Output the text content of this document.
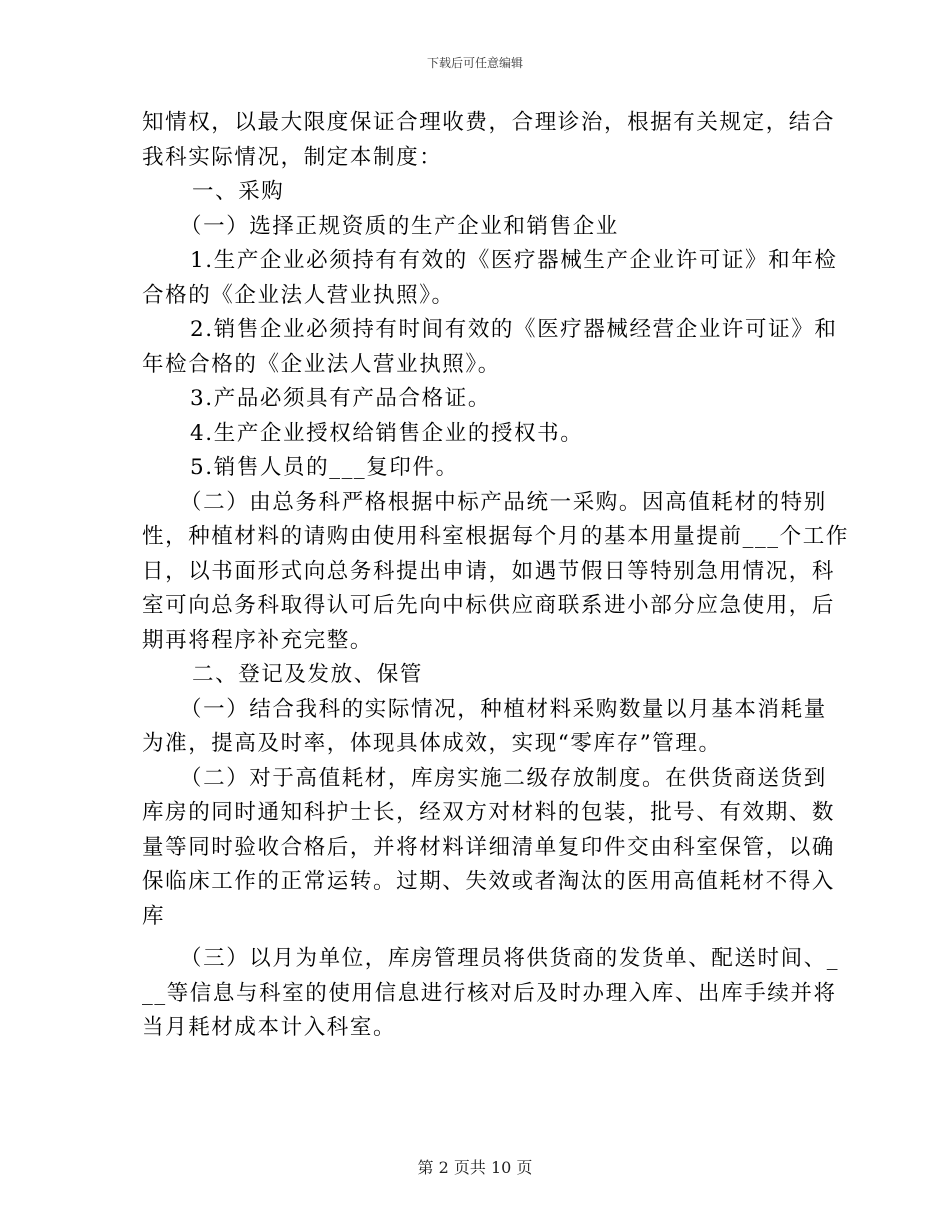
下载后可任意编辑

知情权，以最大限度保证合理收费，合理诊治，根据有关规定，结合

我科实际情况，制定本制度：

一、采购

（一）选择正规资质的生产企业和销售企业

1.生产企业必须持有有效的《医疗器械生产企业许可证》和年检

合格的《企业法人营业执照》。

2.销售企业必须持有时间有效的《医疗器械经营企业许可证》和

年检合格的《企业法人营业执照》。

3.产品必须具有产品合格证。

4.生产企业授权给销售企业的授权书。

5.销售人员的___复印件。

（二）由总务科严格根据中标产品统一采购。因高值耗材的特别

性，种植材料的请购由使用科室根据每个月的基本用量提前___个工作

日，以书面形式向总务科提出申请，如遇节假日等特别急用情况，科

室可向总务科取得认可后先向中标供应商联系进小部分应急使用，后

期再将程序补充完整。

二、登记及发放、保管

（一）结合我科的实际情况，种植材料采购数量以月基本消耗量

为准，提高及时率，体现具体成效，实现“零库存”管理。

（二）对于高值耗材，库房实施二级存放制度。在供货商送货到

库房的同时通知科护士长，经双方对材料的包装，批号、有效期、数

量等同时验收合格后，并将材料详细清单复印件交由科室保管，以确

保临床工作的正常运转。过期、失效或者淘汰的医用高值耗材不得入

库

（三）以月为单位，库房管理员将供货商的发货单、配送时间、_

__等信息与科室的使用信息进行核对后及时办理入库、出库手续并将

当月耗材成本计入科室。

第 2 页共 10 页
